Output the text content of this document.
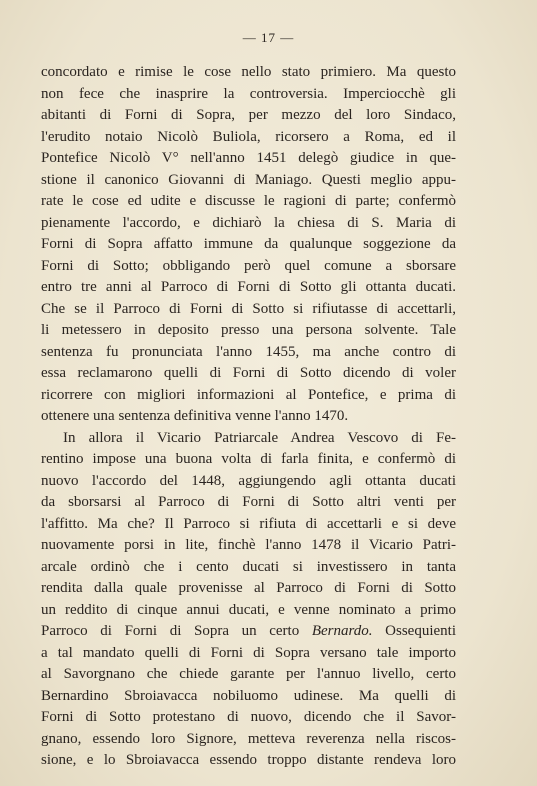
— 17 —
concordato e rimise le cose nello stato primiero. Ma questo
non fece che inasprire la controversia. Imperciocchè gli
abitanti di Forni di Sopra, per mezzo del loro Sindaco,
l'erudito notaio Nicolò Buliola, ricorsero a Roma, ed il
Pontefice Nicolò V° nell'anno 1451 delegò giudice in que-
stione il canonico Giovanni di Maniago. Questi meglio appu-
rate le cose ed udite e discusse le ragioni di parte; confermò
pienamente l'accordo, e dichiarò la chiesa di S. Maria di
Forni di Sopra affatto immune da qualunque soggezione da
Forni di Sotto; obbligando però quel comune a sborsare
entro tre anni al Parroco di Forni di Sotto gli ottanta ducati.
Che se il Parroco di Forni di Sotto si rifiutasse di accettarli,
li metessero in deposito presso una persona solvente. Tale
sentenza fu pronunciata l'anno 1455, ma anche contro di
essa reclamarono quelli di Forni di Sotto dicendo di voler
ricorrere con migliori informazioni al Pontefice, e prima di
ottenere una sentenza definitiva venne l'anno 1470.
In allora il Vicario Patriarcale Andrea Vescovo di Fe-
rentino impose una buona volta di farla finita, e confermò di
nuovo l'accordo del 1448, aggiungendo agli ottanta ducati
da sborsarsi al Parroco di Forni di Sotto altri venti per
l'affitto. Ma che? Il Parroco si rifiuta di accettarli e si deve
nuovamente porsi in lite, finchè l'anno 1478 il Vicario Patri-
arcale ordinò che i cento ducati si investissero in tanta
rendita dalla quale provenisse al Parroco di Forni di Sotto
un reddito di cinque annui ducati, e venne nominato a primo
Parroco di Forni di Sopra un certo Bernardo. Ossequienti
a tal mandato quelli di Forni di Sopra versano tale importo
al Savorgnano che chiede garante per l'annuo livello, certo
Bernardino Sbroiavacca nobiluomo udinese. Ma quelli di
Forni di Sotto protestano di nuovo, dicendo che il Savor-
gnano, essendo loro Signore, metteva reverenza nella riscos-
sione, e lo Sbroiavacca essendo troppo distante rendeva loro
